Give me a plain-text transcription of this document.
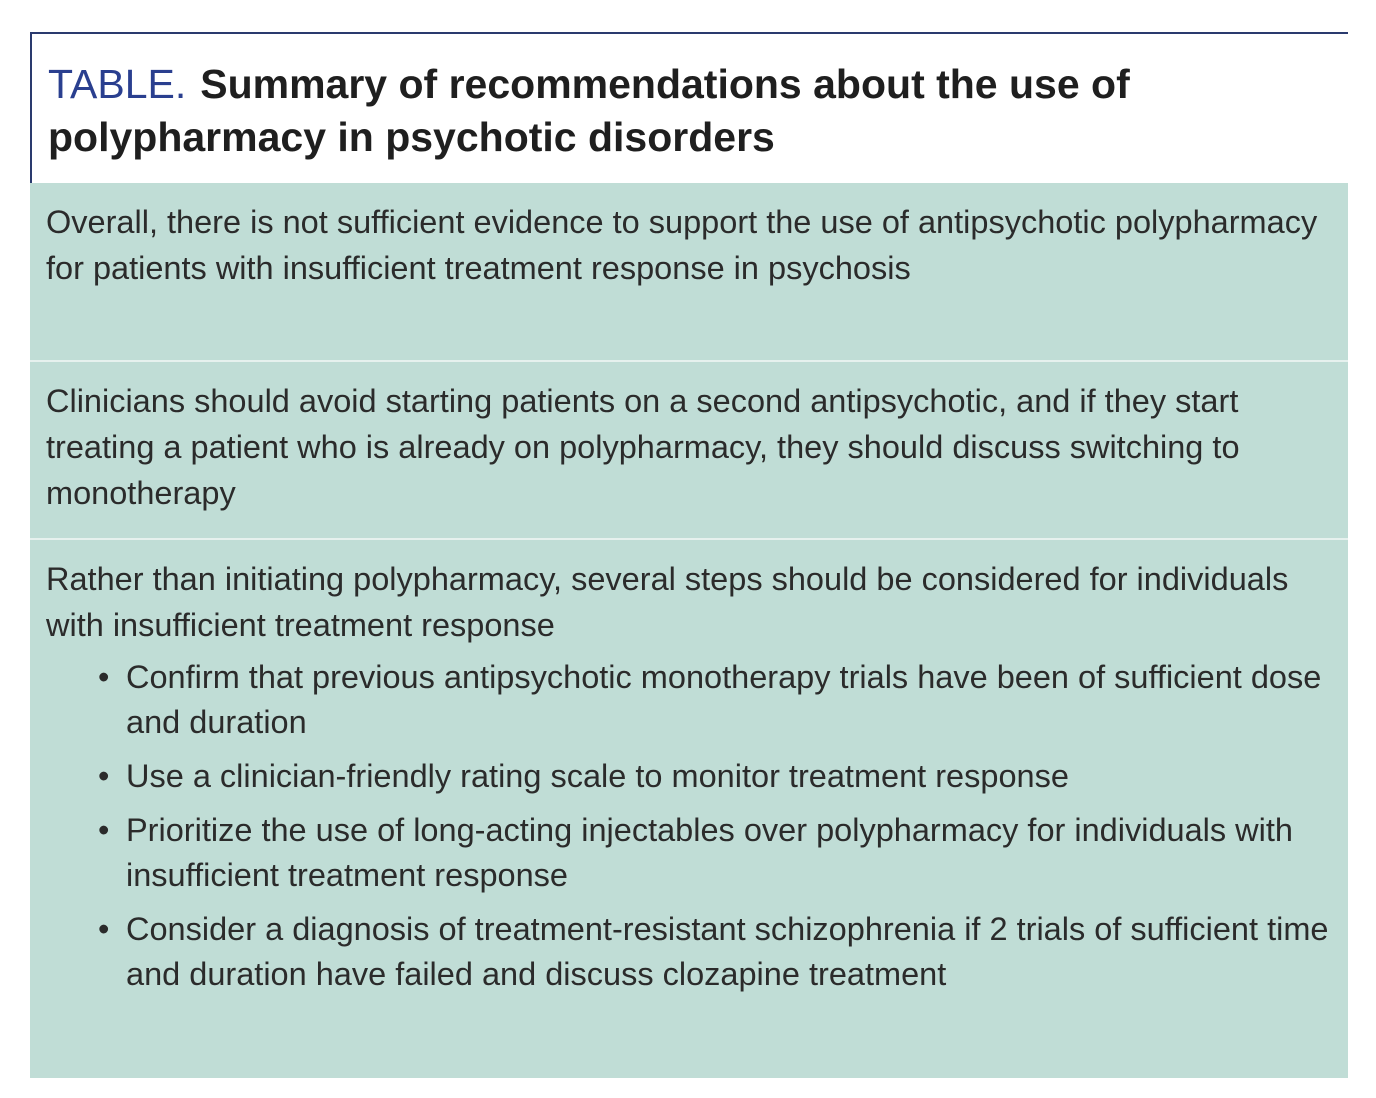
TABLE. Summary of recommendations about the use of polypharmacy in psychotic disorders
Overall, there is not sufficient evidence to support the use of antipsychotic polypharmacy for patients with insufficient treatment response in psychosis
Clinicians should avoid starting patients on a second antipsychotic, and if they start treating a patient who is already on polypharmacy, they should discuss switching to monotherapy
Rather than initiating polypharmacy, several steps should be considered for individuals with insufficient treatment response
• Confirm that previous antipsychotic monotherapy trials have been of sufficient dose and duration
• Use a clinician-friendly rating scale to monitor treatment response
• Prioritize the use of long-acting injectables over polypharmacy for individuals with insufficient treatment response
• Consider a diagnosis of treatment-resistant schizophrenia if 2 trials of sufficient time and duration have failed and discuss clozapine treatment
